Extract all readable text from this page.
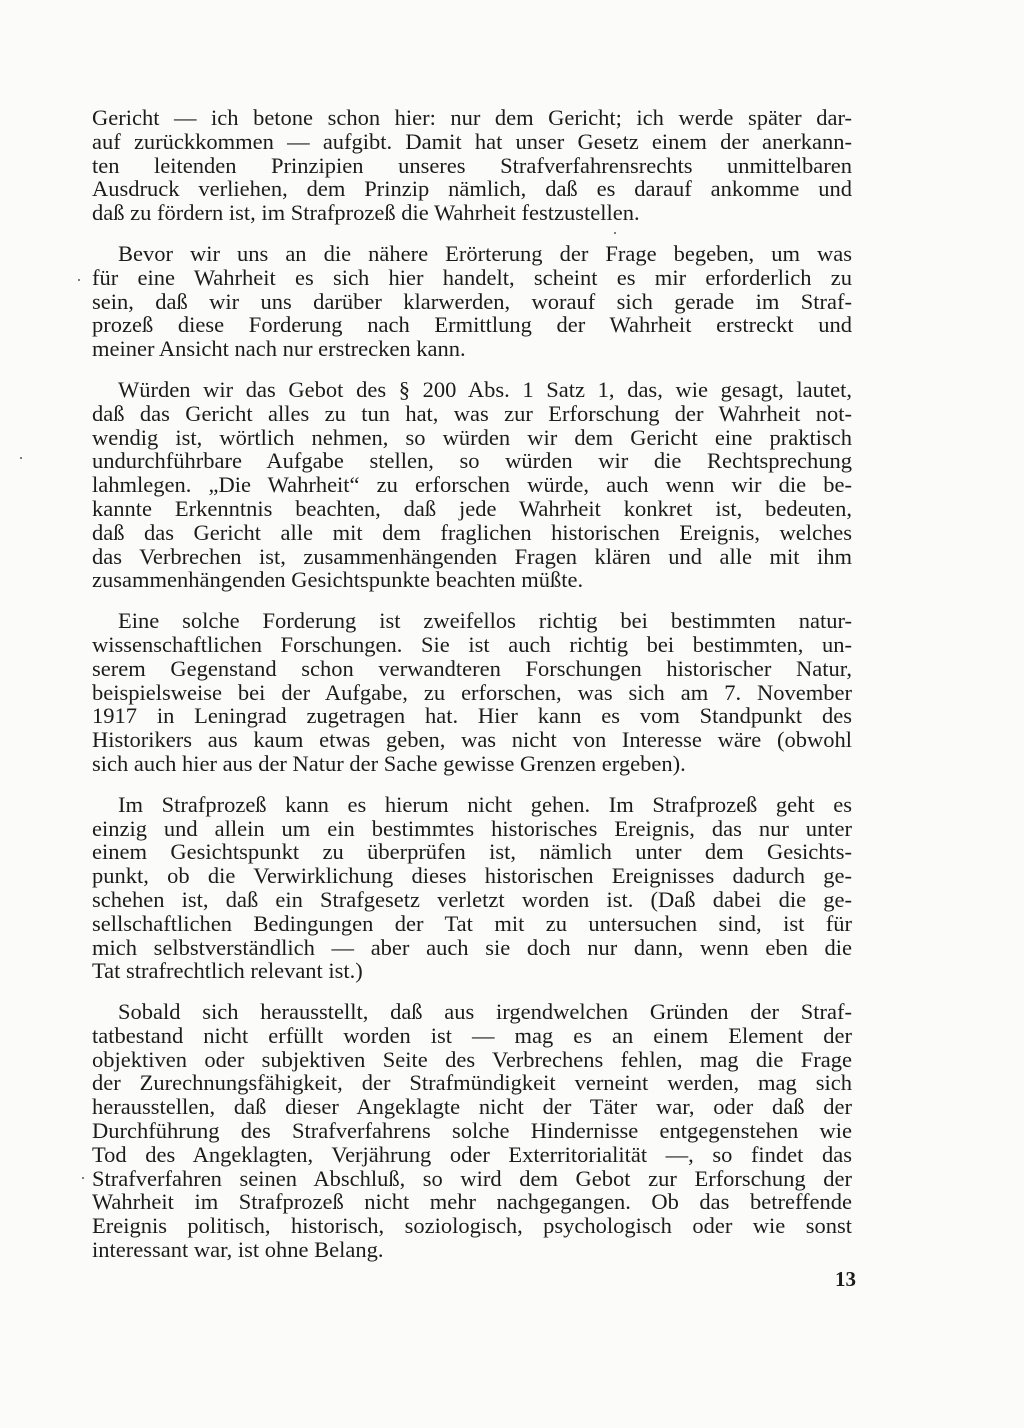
Gericht — ich betone schon hier: nur dem Gericht; ich werde später dar-
auf zurückkommen — aufgibt. Damit hat unser Gesetz einem der anerkann-
ten leitenden Prinzipien unseres Strafverfahrensrechts unmittelbaren
Ausdruck verliehen, dem Prinzip nämlich, daß es darauf ankomme und
daß zu fördern ist, im Strafprozeß die Wahrheit festzustellen.
Bevor wir uns an die nähere Erörterung der Frage begeben, um was
für eine Wahrheit es sich hier handelt, scheint es mir erforderlich zu
sein, daß wir uns darüber klarwerden, worauf sich gerade im Straf-
prozeß diese Forderung nach Ermittlung der Wahrheit erstreckt und
meiner Ansicht nach nur erstrecken kann.
Würden wir das Gebot des § 200 Abs. 1 Satz 1, das, wie gesagt, lautet,
daß das Gericht alles zu tun hat, was zur Erforschung der Wahrheit not-
wendig ist, wörtlich nehmen, so würden wir dem Gericht eine praktisch
undurchführbare Aufgabe stellen, so würden wir die Rechtsprechung
lahmlegen. „Die Wahrheit“ zu erforschen würde, auch wenn wir die be-
kannte Erkenntnis beachten, daß jede Wahrheit konkret ist, bedeuten,
daß das Gericht alle mit dem fraglichen historischen Ereignis, welches
das Verbrechen ist, zusammenhängenden Fragen klären und alle mit ihm
zusammenhängenden Gesichtspunkte beachten müßte.
Eine solche Forderung ist zweifellos richtig bei bestimmten natur-
wissenschaftlichen Forschungen. Sie ist auch richtig bei bestimmten, un-
serem Gegenstand schon verwandteren Forschungen historischer Natur,
beispielsweise bei der Aufgabe, zu erforschen, was sich am 7. November
1917 in Leningrad zugetragen hat. Hier kann es vom Standpunkt des
Historikers aus kaum etwas geben, was nicht von Interesse wäre (obwohl
sich auch hier aus der Natur der Sache gewisse Grenzen ergeben).
Im Strafprozeß kann es hierum nicht gehen. Im Strafprozeß geht es
einzig und allein um ein bestimmtes historisches Ereignis, das nur unter
einem Gesichtspunkt zu überprüfen ist, nämlich unter dem Gesichts-
punkt, ob die Verwirklichung dieses historischen Ereignisses dadurch ge-
schehen ist, daß ein Strafgesetz verletzt worden ist. (Daß dabei die ge-
sellschaftlichen Bedingungen der Tat mit zu untersuchen sind, ist für
mich selbstverständlich — aber auch sie doch nur dann, wenn eben die
Tat strafrechtlich relevant ist.)
Sobald sich herausstellt, daß aus irgendwelchen Gründen der Straf-
tatbestand nicht erfüllt worden ist — mag es an einem Element der
objektiven oder subjektiven Seite des Verbrechens fehlen, mag die Frage
der Zurechnungsfähigkeit, der Strafmündigkeit verneint werden, mag sich
herausstellen, daß dieser Angeklagte nicht der Täter war, oder daß der
Durchführung des Strafverfahrens solche Hindernisse entgegenstehen wie
Tod des Angeklagten, Verjährung oder Exterritorialität —, so findet das
Strafverfahren seinen Abschluß, so wird dem Gebot zur Erforschung der
Wahrheit im Strafprozeß nicht mehr nachgegangen. Ob das betreffende
Ereignis politisch, historisch, soziologisch, psychologisch oder wie sonst
interessant war, ist ohne Belang.
13
